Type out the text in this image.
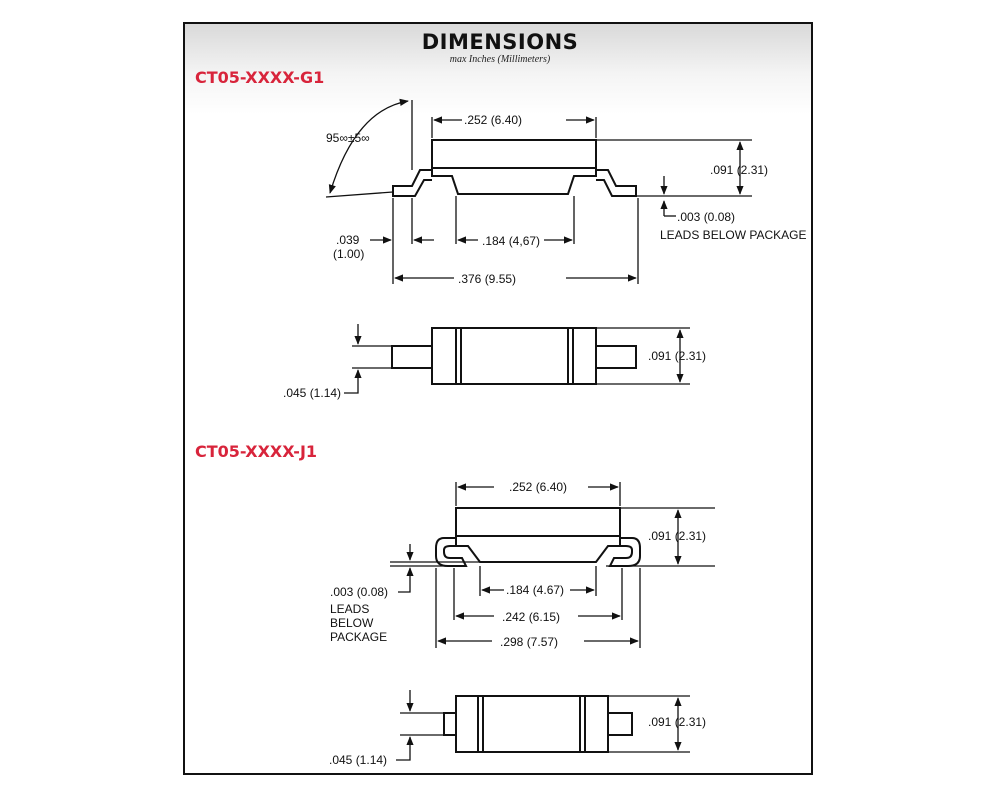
DIMENSIONS
max Inches (Millimeters)
CT05-XXXX-G1
CT05-XXXX-J1
95∞±5∞
.252 (6.40)
.091 (2.31)
.003 (0.08)
LEADS BELOW PACKAGE
.039
(1.00)
.184 (4,67)
.376 (9.55)
.091 (2.31)
.045 (1.14)
.252 (6.40)
.091 (2.31)
.003 (0.08)
LEADS
BELOW
PACKAGE
.184 (4.67)
.242 (6.15)
.298 (7.57)
.091 (2.31)
.045 (1.14)
